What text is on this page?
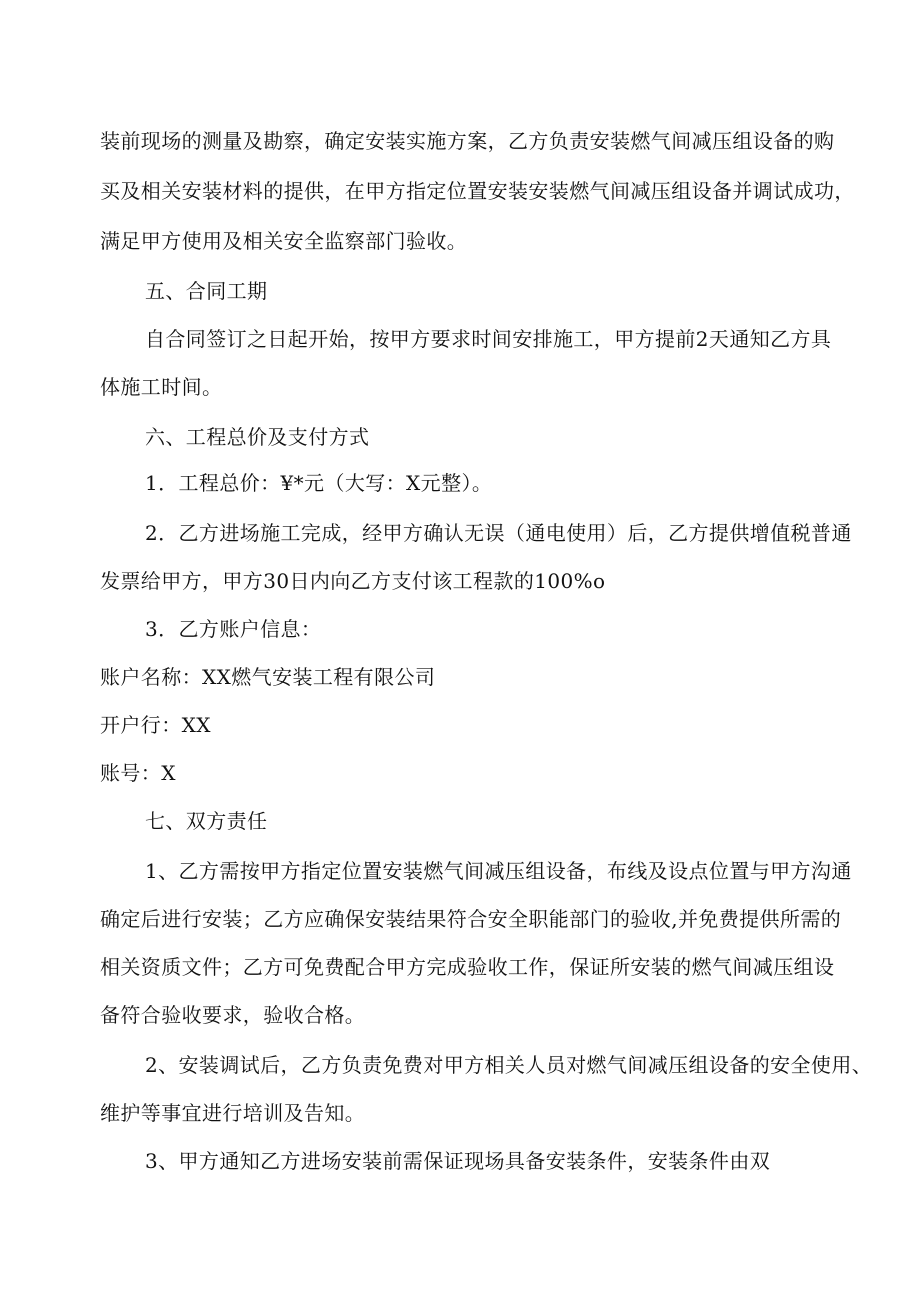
装前现场的测量及勘察，确定安装实施方案，乙方负责安装燃气间减压组设备的购
买及相关安装材料的提供，在甲方指定位置安装安装燃气间减压组设备并调试成功，
满足甲方使用及相关安全监察部门验收。
五、合同工期
自合同签订之日起开始，按甲方要求时间安排施工，甲方提前2天通知乙方具
体施工时间。
六、工程总价及支付方式
1．工程总价：¥*元（大写：X元整）。
2．乙方进场施工完成，经甲方确认无误（通电使用）后，乙方提供增值税普通
发票给甲方，甲方30日内向乙方支付该工程款的100%o
3．乙方账户信息：
账户名称：XX燃气安装工程有限公司
开户行：XX
账号：X
七、双方责任
1、乙方需按甲方指定位置安装燃气间减压组设备，布线及设点位置与甲方沟通
确定后进行安装；乙方应确保安装结果符合安全职能部门的验收,并免费提供所需的
相关资质文件；乙方可免费配合甲方完成验收工作，保证所安装的燃气间减压组设
备符合验收要求，验收合格。
2、安装调试后，乙方负责免费对甲方相关人员对燃气间减压组设备的安全使用、
维护等事宜进行培训及告知。
3、甲方通知乙方进场安装前需保证现场具备安装条件，安装条件由双
